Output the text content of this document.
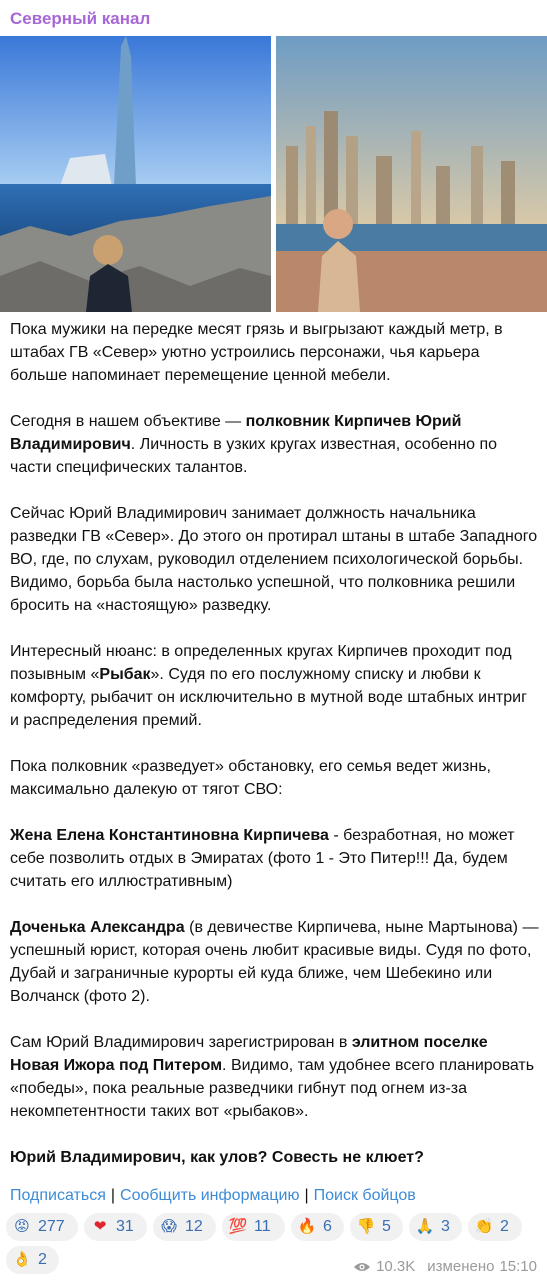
Северный канал
Пока мужики на передке месят грязь и выгрызают каждый метр, в штабах ГВ «Север» уютно устроились персонажи, чья карьера больше напоминает перемещение ценной мебели.
Сегодня в нашем объективе — полковник Кирпичев Юрий Владимирович. Личность в узких кругах известная, особенно по части специфических талантов.
Сейчас Юрий Владимирович занимает должность начальника разведки ГВ «Север». До этого он протирал штаны в штабе Западного ВО, где, по слухам, руководил отделением психологической борьбы. Видимо, борьба была настолько успешной, что полковника решили бросить на «настоящую» разведку.
Интересный нюанс: в определенных кругах Кирпичев проходит под позывным «Рыбак». Судя по его послужному списку и любви к комфорту, рыбачит он исключительно в мутной воде штабных интриг и распределения премий.
Пока полковник «разведует» обстановку, его семья ведет жизнь, максимально далекую от тягот СВО:
Жена Елена Константиновна Кирпичева - безработная, но может себе позволить отдых в Эмиратах (фото 1 - Это Питер!!! Да, будем считать его иллюстративным)
Доченька Александра (в девичестве Кирпичева, ныне Мартынова) — успешный юрист, которая очень любит красивые виды. Судя по фото, Дубай и заграничные курорты ей куда ближе, чем Шебекино или Волчанск (фото 2).
Сам Юрий Владимирович зарегистрирован в элитном поселке Новая Ижора под Питером. Видимо, там удобнее всего планировать «победы», пока реальные разведчики гибнут под огнем из-за некомпетентности таких вот «рыбаков».
Юрий Владимирович, как улов? Совесть не клюет?
Подписаться | Сообщить информацию | Поиск бойцов
😡 277 ❤ 31 😱 12 💯 11 🔥 6 👎 5 🙏 3 👏 2
👌 2	10.3K изменено 15:10
